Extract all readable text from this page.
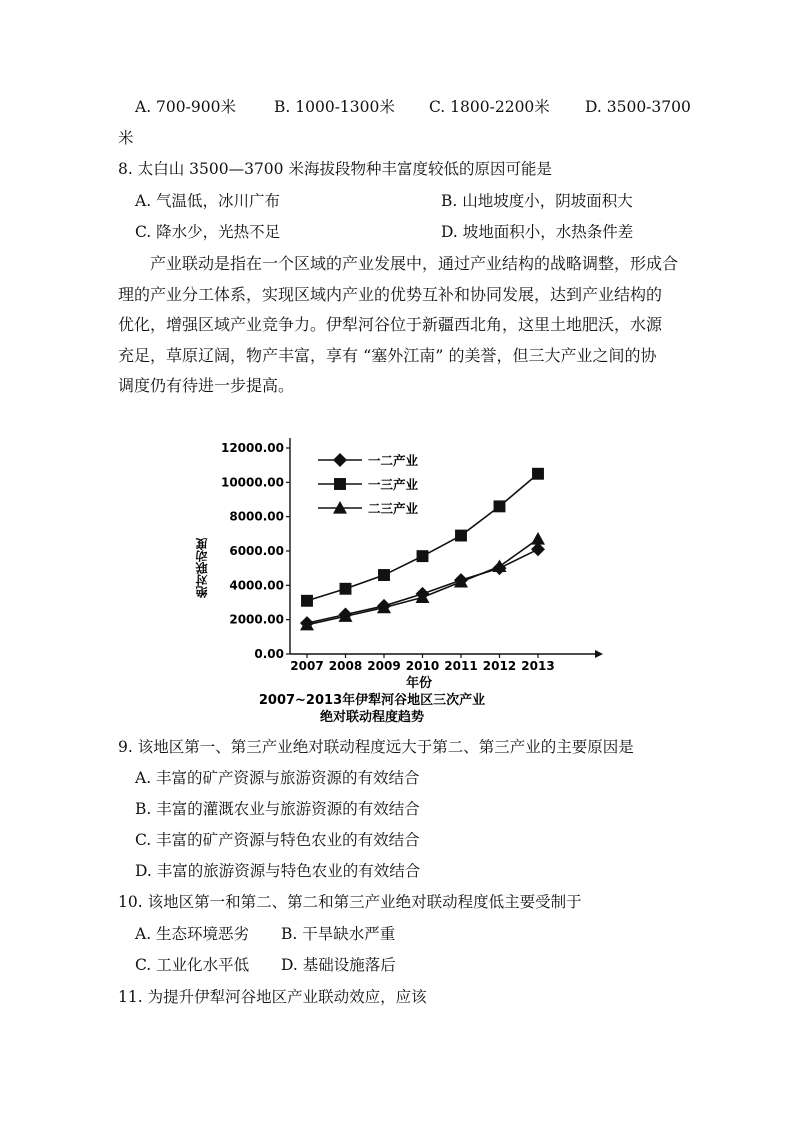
A. 700-900米 B. 1000-1300米 C. 1800-2200米 D. 3500-3700
米
8. 太白山 3500—3700 米海拔段物种丰富度较低的原因可能是
A. 气温低，冰川广布	B. 山地坡度小，阴坡面积大
C. 降水少，光热不足	D. 坡地面积小，水热条件差
产业联动是指在一个区域的产业发展中，通过产业结构的战略调整，形成合
理的产业分工体系，实现区域内产业的优势互补和协同发展，达到产业结构的
优化，增强区域产业竞争力。伊犁河谷位于新疆西北角，这里土地肥沃，水源
充足，草原辽阔，物产丰富，享有 “塞外江南” 的美誉，但三大产业之间的协
调度仍有待进一步提高。
0.00
2000.00
4000.00
6000.00
8000.00
10000.00
12000.00
2007 2008 2009 2010 2011 2012 2013
一二产业
一三产业
二三产业
绝对联动度
年份
2007~2013年伊犁河谷地区三次产业
绝对联动程度趋势
9. 该地区第一、第三产业绝对联动程度远大于第二、第三产业的主要原因是
A. 丰富的矿产资源与旅游资源的有效结合
B. 丰富的灌溉农业与旅游资源的有效结合
C. 丰富的矿产资源与特色农业的有效结合
D. 丰富的旅游资源与特色农业的有效结合
10. 该地区第一和第二、第二和第三产业绝对联动程度低主要受制于
A. 生态环境恶劣 B. 干旱缺水严重
C. 工业化水平低 D. 基础设施落后
11. 为提升伊犁河谷地区产业联动效应，应该
